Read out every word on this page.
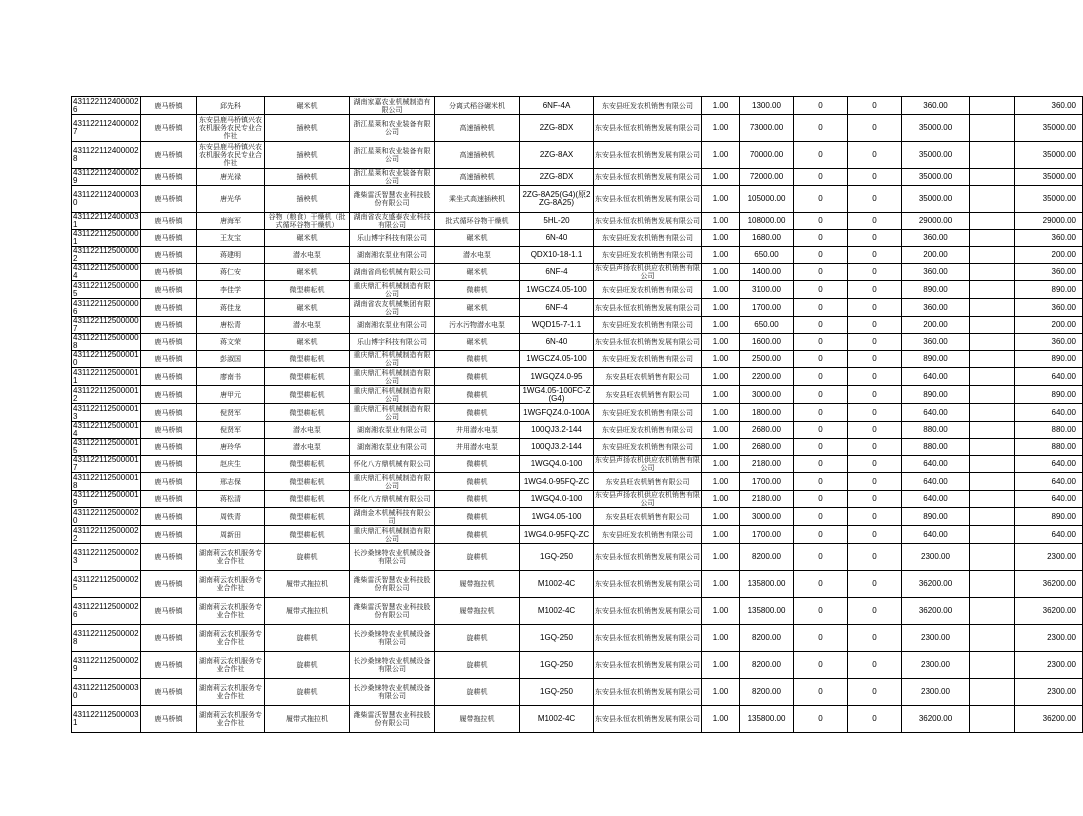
4311221124000026	鹿马桥镇	邱先科	碾米机	湖南家嘉农业机械制造有限公司	分离式稻谷碾米机	6NF-4A	东安县旺发农机销售有限公司	1.00	1300.00	0	0	360.00		360.00
4311221124000027	鹿马桥镇	东安县鹿马桥镇兴农农机服务农民专业合作社	插秧机	浙江星莱和农业装备有限公司	高速插秧机	2ZG-8DX	东安县永恒农机销售发展有限公司	1.00	73000.00	0	0	35000.00		35000.00
4311221124000028	鹿马桥镇	东安县鹿马桥镇兴农农机服务农民专业合作社	插秧机	浙江星莱和农业装备有限公司	高速插秧机	2ZG-8AX	东安县永恒农机销售发展有限公司	1.00	70000.00	0	0	35000.00		35000.00
4311221124000029	鹿马桥镇	唐光禄	插秧机	浙江星莱和农业装备有限公司	高速插秧机	2ZG-8DX	东安县永恒农机销售发展有限公司	1.00	72000.00	0	0	35000.00		35000.00
4311221124000030	鹿马桥镇	唐光华	插秧机	潍柴雷沃智慧农业科技股份有限公司	乘坐式高速插秧机	2ZG-8A25(G4)(原2ZG-8A25)	东安县永恒农机销售发展有限公司	1.00	105000.00	0	0	35000.00		35000.00
4311221124000031	鹿马桥镇	唐海军	谷物（粮食）干燥机（批式循环谷物干燥机）	湖南省农友盛泰农业科技有限公司	批式循环谷物干燥机	5HL-20	东安县永恒农机销售发展有限公司	1.00	108000.00	0	0	29000.00		29000.00
4311221125000001	鹿马桥镇	王友宝	碾米机	乐山博宇科技有限公司	碾米机	6N-40	东安县旺发农机销售有限公司	1.00	1680.00	0	0	360.00		360.00
4311221125000002	鹿马桥镇	蒋建明	潜水电泵	湖南湘农泵业有限公司	潜水电泵	QDX10-18-1.1	东安县旺发农机销售有限公司	1.00	650.00	0	0	200.00		200.00
4311221125000004	鹿马桥镇	蒋仁安	碾米机	湖南省尚松机械有限公司	碾米机	6NF-4	东安县声扬农机供应农机销售有限公司	1.00	1400.00	0	0	360.00		360.00
4311221125000005	鹿马桥镇	李佳学	微型耕耘机	重庆鼎汇科机械制造有限公司	微耕机	1WGCZ4.05-100	东安县旺发农机销售有限公司	1.00	3100.00	0	0	890.00		890.00
4311221125000006	鹿马桥镇	蒋佳龙	碾米机	湖南省农友机械集团有限公司	碾米机	6NF-4	东安县永恒农机销售发展有限公司	1.00	1700.00	0	0	360.00		360.00
4311221125000007	鹿马桥镇	唐松青	潜水电泵	湖南湘农泵业有限公司	污水污物潜水电泵	WQD15-7-1.1	东安县旺发农机销售有限公司	1.00	650.00	0	0	200.00		200.00
4311221125000008	鹿马桥镇	蒋文荣	碾米机	乐山博宇科技有限公司	碾米机	6N-40	东安县永恒农机销售发展有限公司	1.00	1600.00	0	0	360.00		360.00
4311221125000010	鹿马桥镇	彭淑国	微型耕耘机	重庆鼎汇科机械制造有限公司	微耕机	1WGCZ4.05-100	东安县旺发农机销售有限公司	1.00	2500.00	0	0	890.00		890.00
4311221125000011	鹿马桥镇	廖南书	微型耕耘机	重庆鼎汇科机械制造有限公司	微耕机	1WGQZ4.0-95	东安县旺农机销售有限公司	1.00	2200.00	0	0	640.00		640.00
4311221125000012	鹿马桥镇	唐甲元	微型耕耘机	重庆鼎汇科机械制造有限公司	微耕机	1WG4.05-100FC-Z(G4)	东安县旺农机销售有限公司	1.00	3000.00	0	0	890.00		890.00
4311221125000013	鹿马桥镇	倪贤军	微型耕耘机	重庆鼎汇科机械制造有限公司	微耕机	1WGFQZ4.0-100A	东安县旺发农机销售有限公司	1.00	1800.00	0	0	640.00		640.00
4311221125000014	鹿马桥镇	倪贤军	潜水电泵	湖南湘农泵业有限公司	井用潜水电泵	100QJ3.2-144	东安县旺发农机销售有限公司	1.00	2680.00	0	0	880.00		880.00
4311221125000015	鹿马桥镇	唐玲华	潜水电泵	湖南湘农泵业有限公司	井用潜水电泵	100QJ3.2-144	东安县旺发农机销售有限公司	1.00	2680.00	0	0	880.00		880.00
4311221125000017	鹿马桥镇	赵庆生	微型耕耘机	怀化八方鼎机械有限公司	微耕机	1WGQ4.0-100	东安县声扬农机供应农机销售有限公司	1.00	2180.00	0	0	640.00		640.00
4311221125000018	鹿马桥镇	邢志保	微型耕耘机	重庆鼎汇科机械制造有限公司	微耕机	1WG4.0-95FQ-ZC	东安县旺农机销售有限公司	1.00	1700.00	0	0	640.00		640.00
4311221125000019	鹿马桥镇	蒋松清	微型耕耘机	怀化八方鼎机械有限公司	微耕机	1WGQ4.0-100	东安县声扬农机供应农机销售有限公司	1.00	2180.00	0	0	640.00		640.00
4311221125000020	鹿马桥镇	周铁青	微型耕耘机	湖南金木机械科技有限公司	微耕机	1WG4.05-100	东安县旺农机销售有限公司	1.00	3000.00	0	0	890.00		890.00
4311221125000022	鹿马桥镇	周新田	微型耕耘机	重庆鼎汇科机械制造有限公司	微耕机	1WG4.0-95FQ-ZC	东安县旺发农机销售有限公司	1.00	1700.00	0	0	640.00		640.00
4311221125000023	鹿马桥镇	湖南莉云农机服务专业合作社	旋耕机	长沙桑铼特农业机械设备有限公司	旋耕机	1GQ-250	东安县永恒农机销售发展有限公司	1.00	8200.00	0	0	2300.00		2300.00
4311221125000025	鹿马桥镇	湖南莉云农机服务专业合作社	履带式拖拉机	潍柴雷沃智慧农业科技股份有限公司	履带拖拉机	M1002-4C	东安县永恒农机销售发展有限公司	1.00	135800.00	0	0	36200.00		36200.00
4311221125000026	鹿马桥镇	湖南莉云农机服务专业合作社	履带式拖拉机	潍柴雷沃智慧农业科技股份有限公司	履带拖拉机	M1002-4C	东安县永恒农机销售发展有限公司	1.00	135800.00	0	0	36200.00		36200.00
4311221125000028	鹿马桥镇	湖南莉云农机服务专业合作社	旋耕机	长沙桑铼特农业机械设备有限公司	旋耕机	1GQ-250	东安县永恒农机销售发展有限公司	1.00	8200.00	0	0	2300.00		2300.00
4311221125000029	鹿马桥镇	湖南莉云农机服务专业合作社	旋耕机	长沙桑铼特农业机械设备有限公司	旋耕机	1GQ-250	东安县永恒农机销售发展有限公司	1.00	8200.00	0	0	2300.00		2300.00
4311221125000030	鹿马桥镇	湖南莉云农机服务专业合作社	旋耕机	长沙桑铼特农业机械设备有限公司	旋耕机	1GQ-250	东安县永恒农机销售发展有限公司	1.00	8200.00	0	0	2300.00		2300.00
4311221125000031	鹿马桥镇	湖南莉云农机服务专业合作社	履带式拖拉机	潍柴雷沃智慧农业科技股份有限公司	履带拖拉机	M1002-4C	东安县永恒农机销售发展有限公司	1.00	135800.00	0	0	36200.00		36200.00
